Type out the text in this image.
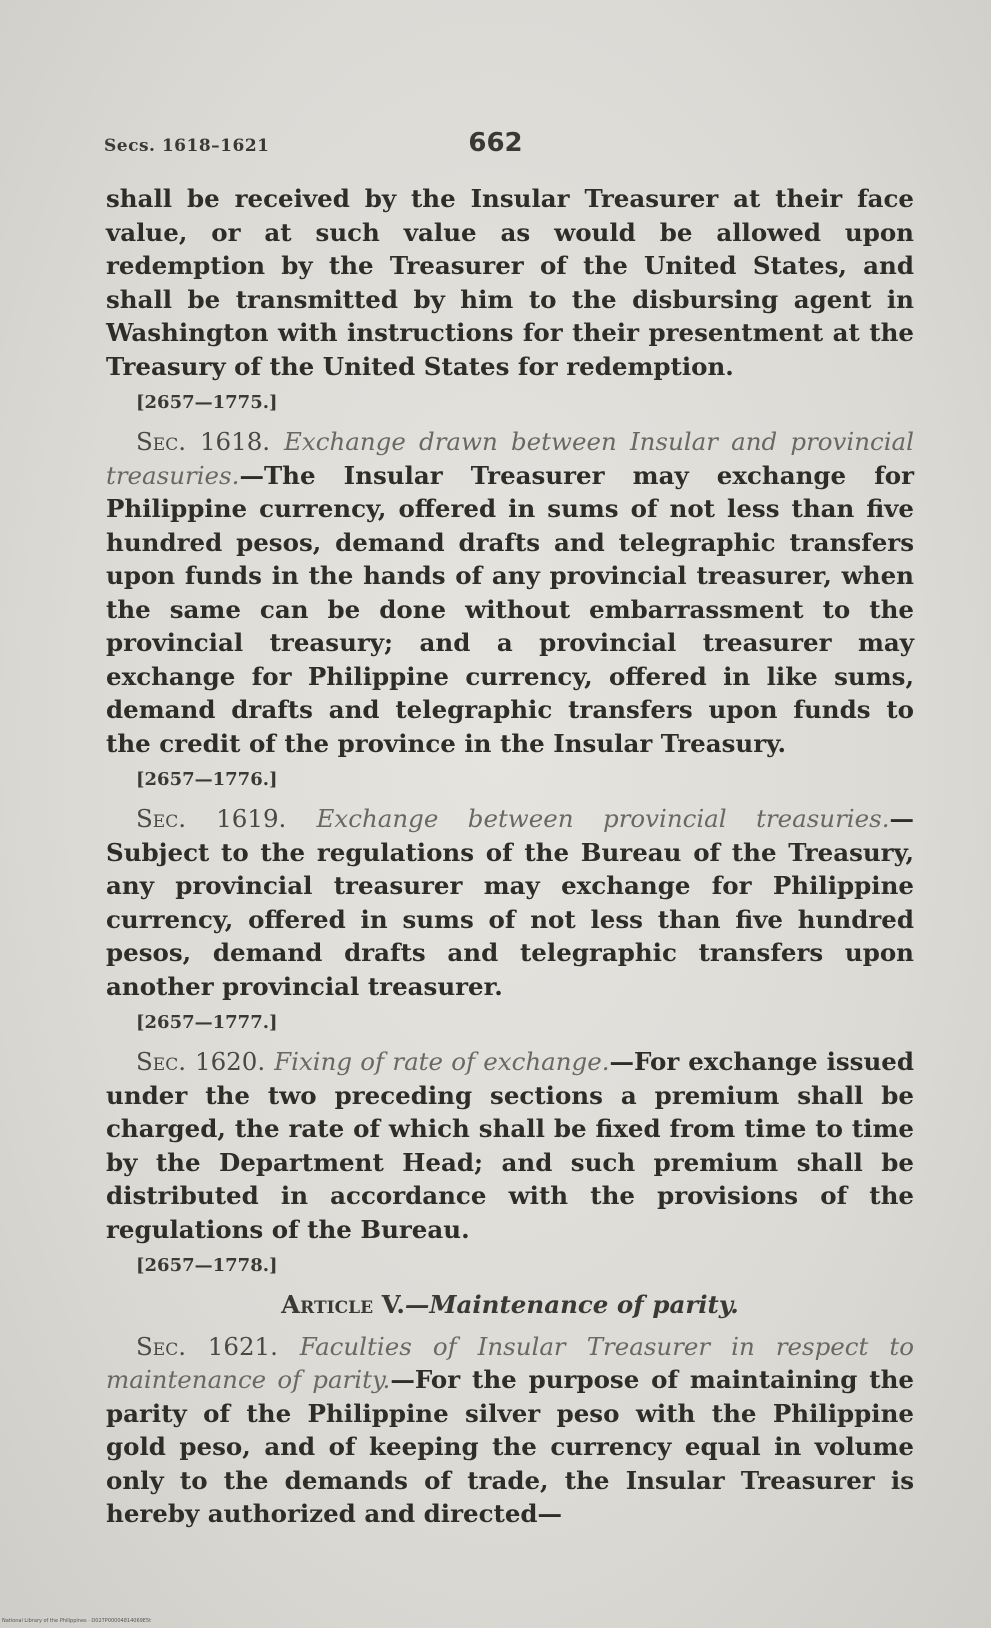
Secs. 1618–1621	662

shall be received by the Insular Treasurer at their face value, or at such value as would be allowed upon redemption by the Treasurer of the United States, and shall be transmitted by him to the disbursing agent in Washington with instructions for their presentment at the Treasury of the United States for redemption.

[2657—1775.]

Sec. 1618. Exchange drawn between Insular and provincial treasuries.—The Insular Treasurer may exchange for Philippine currency, offered in sums of not less than five hundred pesos, demand drafts and telegraphic transfers upon funds in the hands of any provincial treasurer, when the same can be done without embarrassment to the provincial treasury; and a provincial treasurer may exchange for Philippine currency, offered in like sums, demand drafts and telegraphic transfers upon funds to the credit of the province in the Insular Treasury.

[2657—1776.]

Sec. 1619. Exchange between provincial treasuries.— Subject to the regulations of the Bureau of the Treasury, any provincial treasurer may exchange for Philippine currency, offered in sums of not less than five hundred pesos, demand drafts and telegraphic transfers upon another provincial treasurer.

[2657—1777.]

Sec. 1620. Fixing of rate of exchange.—For exchange issued under the two preceding sections a premium shall be charged, the rate of which shall be fixed from time to time by the Department Head; and such premium shall be distributed in accordance with the provisions of the regulations of the Bureau.

[2657—1778.]
Article V.—Maintenance of parity.

Sec. 1621. Faculties of Insular Treasurer in respect to maintenance of parity.—For the purpose of maintaining the parity of the Philippine silver peso with the Philippine gold peso, and of keeping the currency equal in volume only to the demands of trade, the Insular Treasurer is hereby authorized and directed—

National Library of the Philippines · D027P00004814069E5t
